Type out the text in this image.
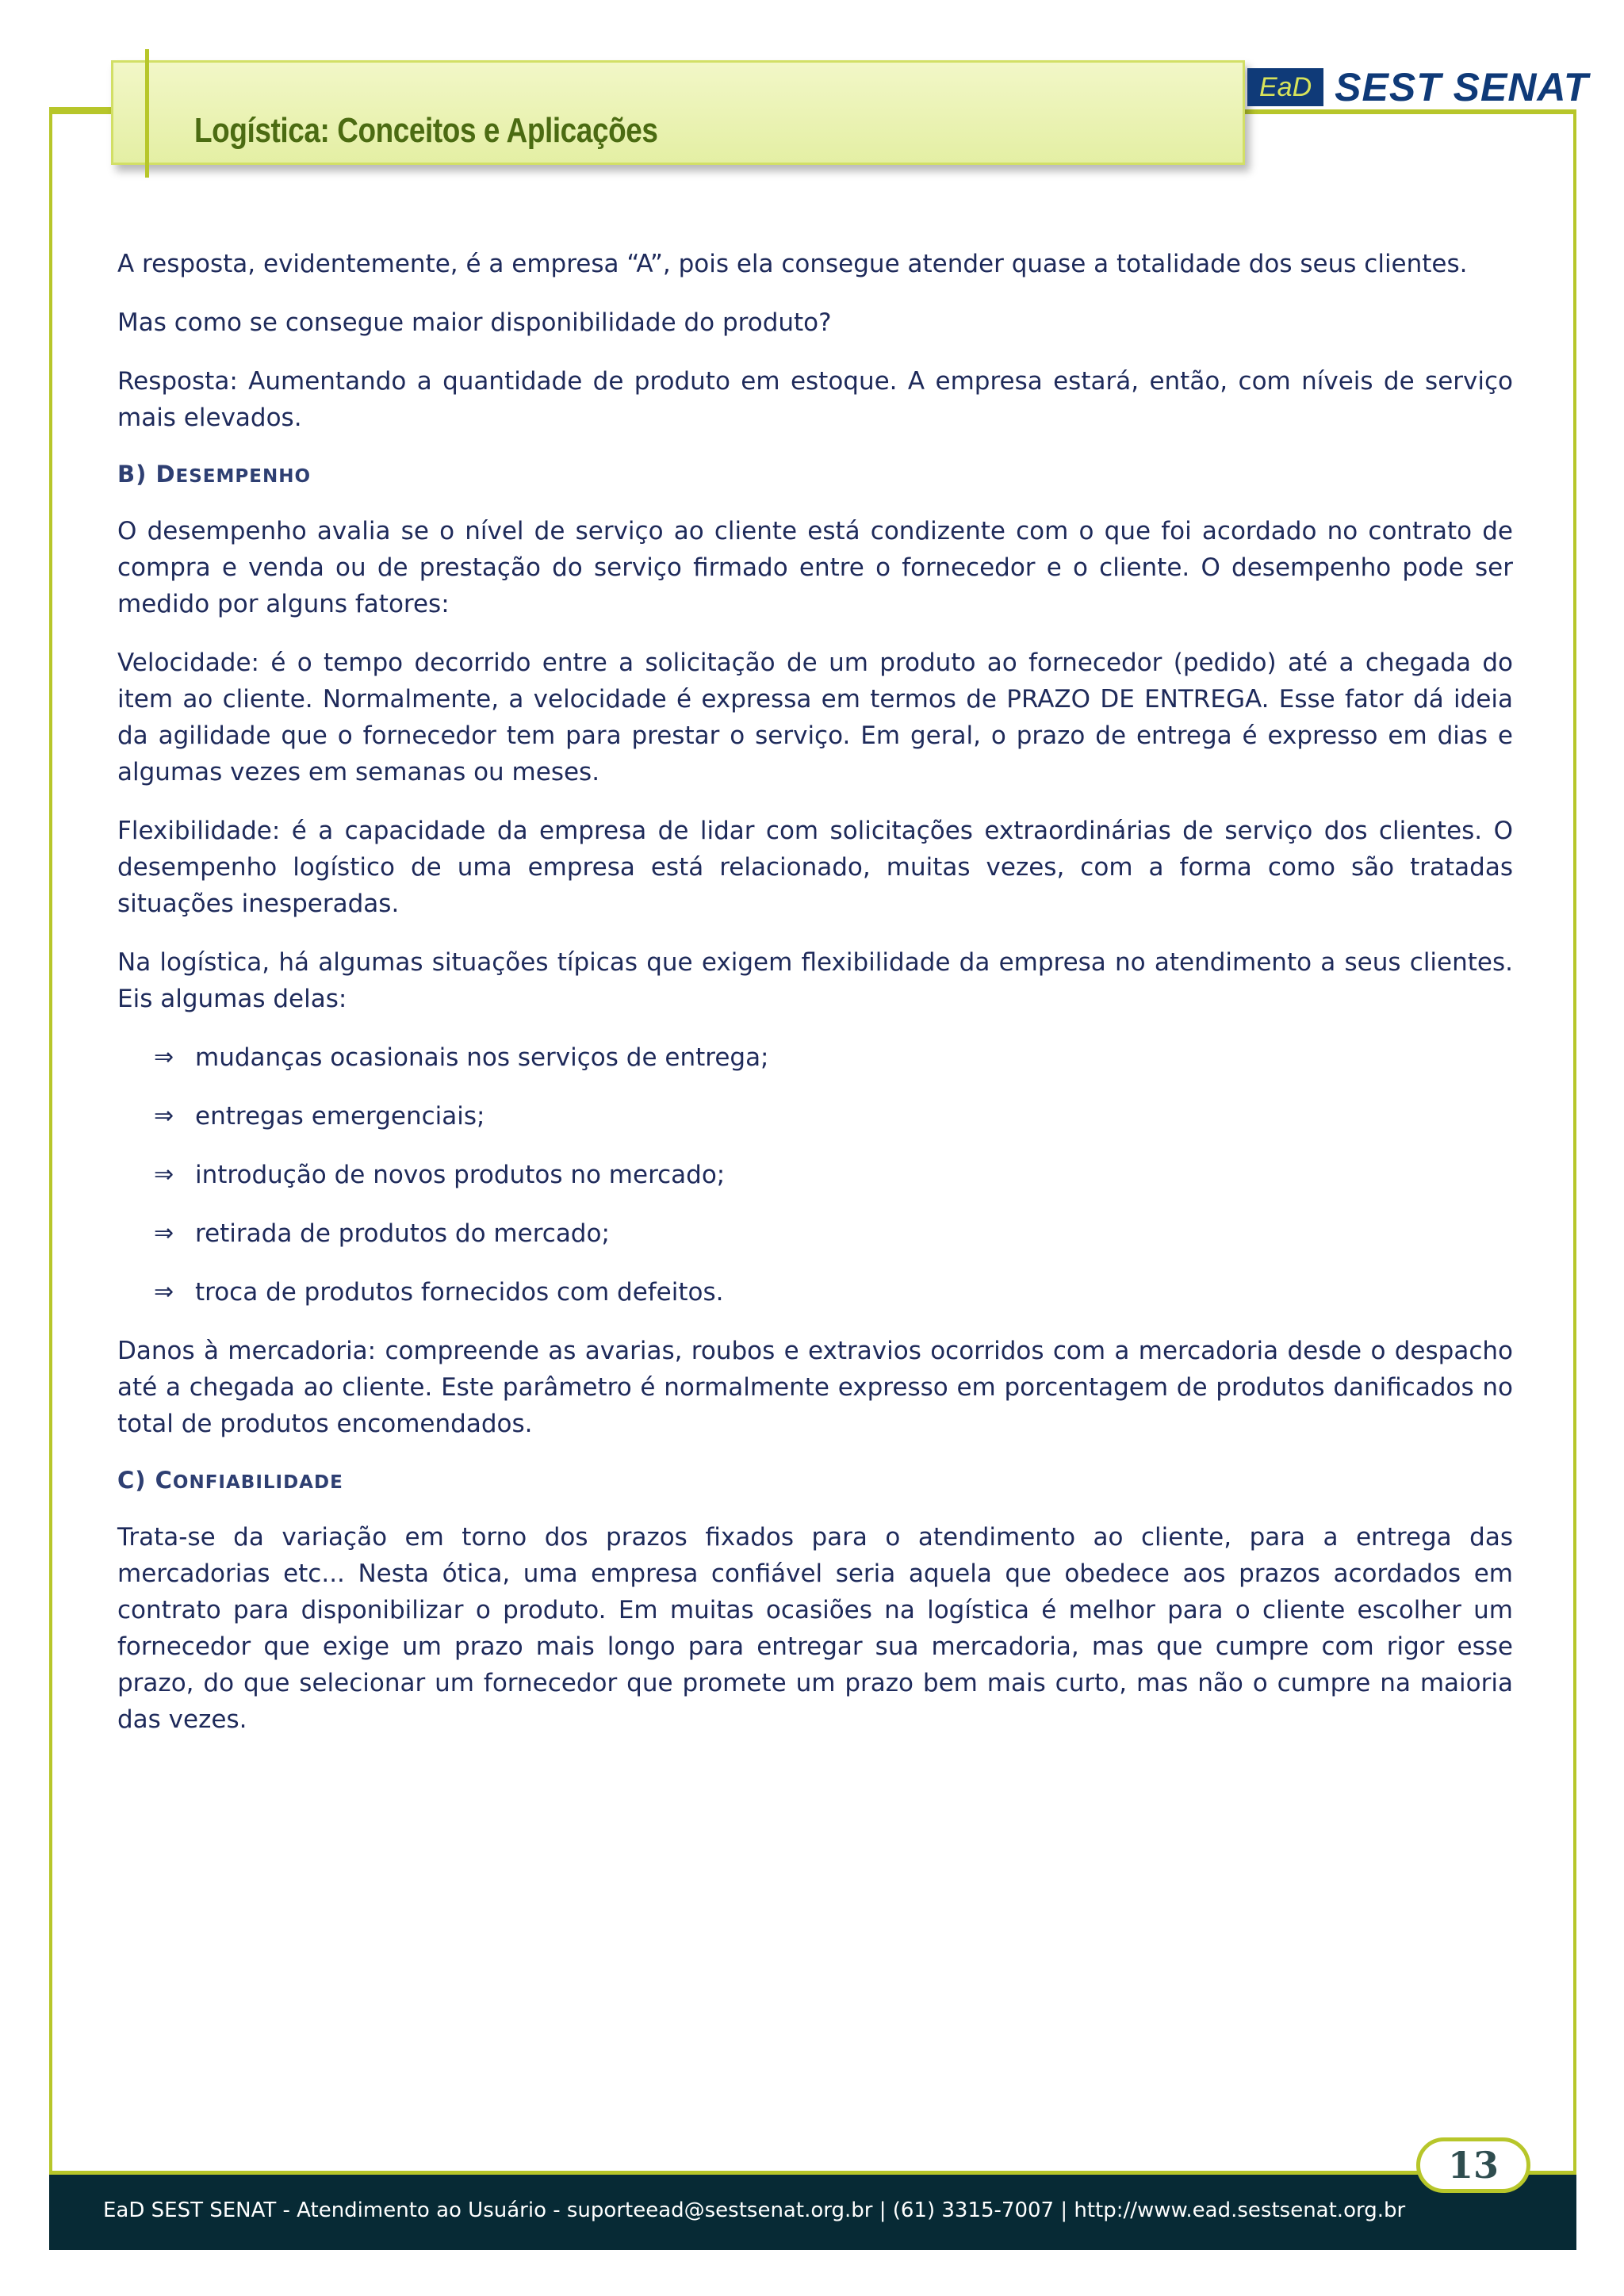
Logística: Conceitos e Aplicações
EaD SEST SENAT

A resposta, evidentemente, é a empresa “A”, pois ela consegue atender quase a totalidade dos seus clientes.

Mas como se consegue maior disponibilidade do produto?

Resposta: Aumentando a quantidade de produto em estoque. A empresa estará, então, com níveis de serviço mais elevados.

B) DESEMPENHO

O desempenho avalia se o nível de serviço ao cliente está condizente com o que foi acordado no contrato de compra e venda ou de prestação do serviço firmado entre o fornecedor e o cliente. O desempenho pode ser medido por alguns fatores:

Velocidade: é o tempo decorrido entre a solicitação de um produto ao fornecedor (pedido) até a chegada do item ao cliente. Normalmente, a velocidade é expressa em termos de PRAZO DE ENTREGA. Esse fator dá ideia da agilidade que o fornecedor tem para prestar o serviço. Em geral, o prazo de entrega é expresso em dias e algumas vezes em semanas ou meses.

Flexibilidade: é a capacidade da empresa de lidar com solicitações extraordinárias de serviço dos clientes. O desempenho logístico de uma empresa está relacionado, muitas vezes, com a forma como são tratadas situações inesperadas.

Na logística, há algumas situações típicas que exigem flexibilidade da empresa no atendimento a seus clientes. Eis algumas delas:

⇒ mudanças ocasionais nos serviços de entrega;
⇒ entregas emergenciais;
⇒ introdução de novos produtos no mercado;
⇒ retirada de produtos do mercado;
⇒ troca de produtos fornecidos com defeitos.

Danos à mercadoria: compreende as avarias, roubos e extravios ocorridos com a mercadoria desde o despacho até a chegada ao cliente. Este parâmetro é normalmente expresso em porcentagem de produtos danificados no total de produtos encomendados.

C) CONFIABILIDADE

Trata-se da variação em torno dos prazos fixados para o atendimento ao cliente, para a entrega das mercadorias etc... Nesta ótica, uma empresa confiável seria aquela que obedece aos prazos acordados em contrato para disponibilizar o produto. Em muitas ocasiões na logística é melhor para o cliente escolher um fornecedor que exige um prazo mais longo para entregar sua mercadoria, mas que cumpre com rigor esse prazo, do que selecionar um fornecedor que promete um prazo bem mais curto, mas não o cumpre na maioria das vezes.

EaD SEST SENAT - Atendimento ao Usuário - suporteead@sestsenat.org.br | (61) 3315-7007 | http://www.ead.sestsenat.org.br
13
